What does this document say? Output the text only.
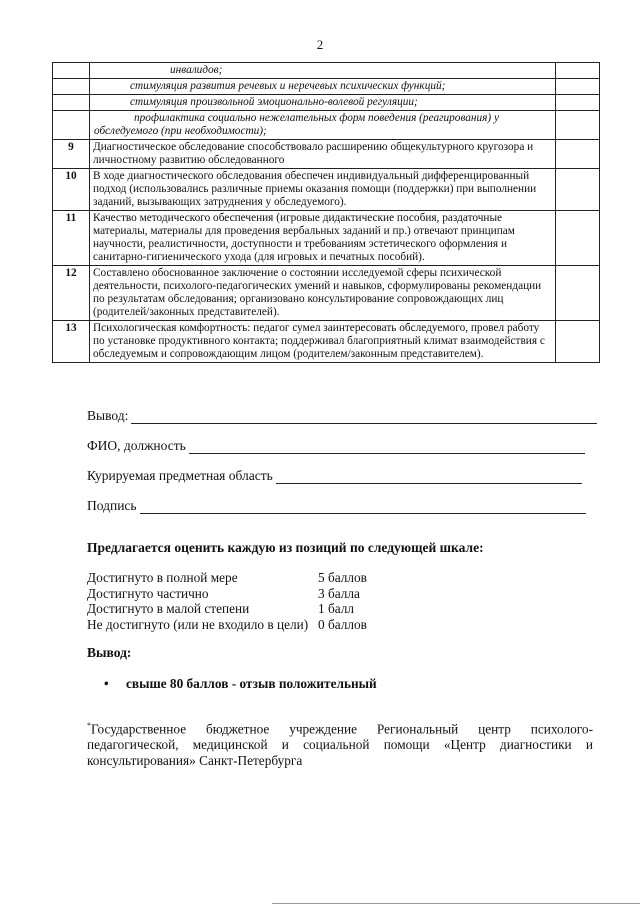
2
	инвалидов;	
	стимуляция развития речевых и неречевых психических функций;	
	стимуляция произвольной эмоционально-волевой регуляции;	
	профилактика социально нежелательных форм поведения (реагирования) у обследуемого (при необходимости);	
9	Диагностическое обследование способствовало расширению общекультурного кругозора и личностному развитию обследованного	
10	В ходе диагностического обследования обеспечен индивидуальный дифференцированный подход (использовались различные приемы оказания помощи (поддержки) при выполнении заданий, вызывающих затруднения у обследуемого).	
11	Качество методического обеспечения (игровые дидактические пособия, раздаточные материалы, материалы для проведения вербальных заданий и пр.) отвечают принципам научности, реалистичности, доступности и требованиям эстетического оформления и санитарно-гигиенического ухода (для игровых и печатных пособий).	
12	Составлено обоснованное заключение о состоянии исследуемой сферы психической деятельности, психолого-педагогических умений и навыков, сформулированы рекомендации по результатам обследования; организовано консультирование сопровождающих лиц (родителей/законных представителей).	
13	Психологическая комфортность: педагог сумел заинтересовать обследуемого, провел работу по установке продуктивного контакта; поддерживал благоприятный климат взаимодействия с обследуемым и сопровождающим лицом (родителем/законным представителем).	
Вывод:
ФИО, должность
Курируемая предметная область
Подпись
Предлагается оценить каждую из позиций по следующей шкале:
Достигнуто в полной мере	5 баллов
Достигнуто частично	3 балла
Достигнуто в малой степени	1 балл
Не достигнуто (или не входило в цели) 0 баллов
Вывод:
•	свыше 80 баллов - отзыв положительный
*Государственное бюджетное учреждение Региональный центр психолого-педагогической, медицинской и социальной помощи «Центр диагностики и консультирования» Санкт-Петербурга
